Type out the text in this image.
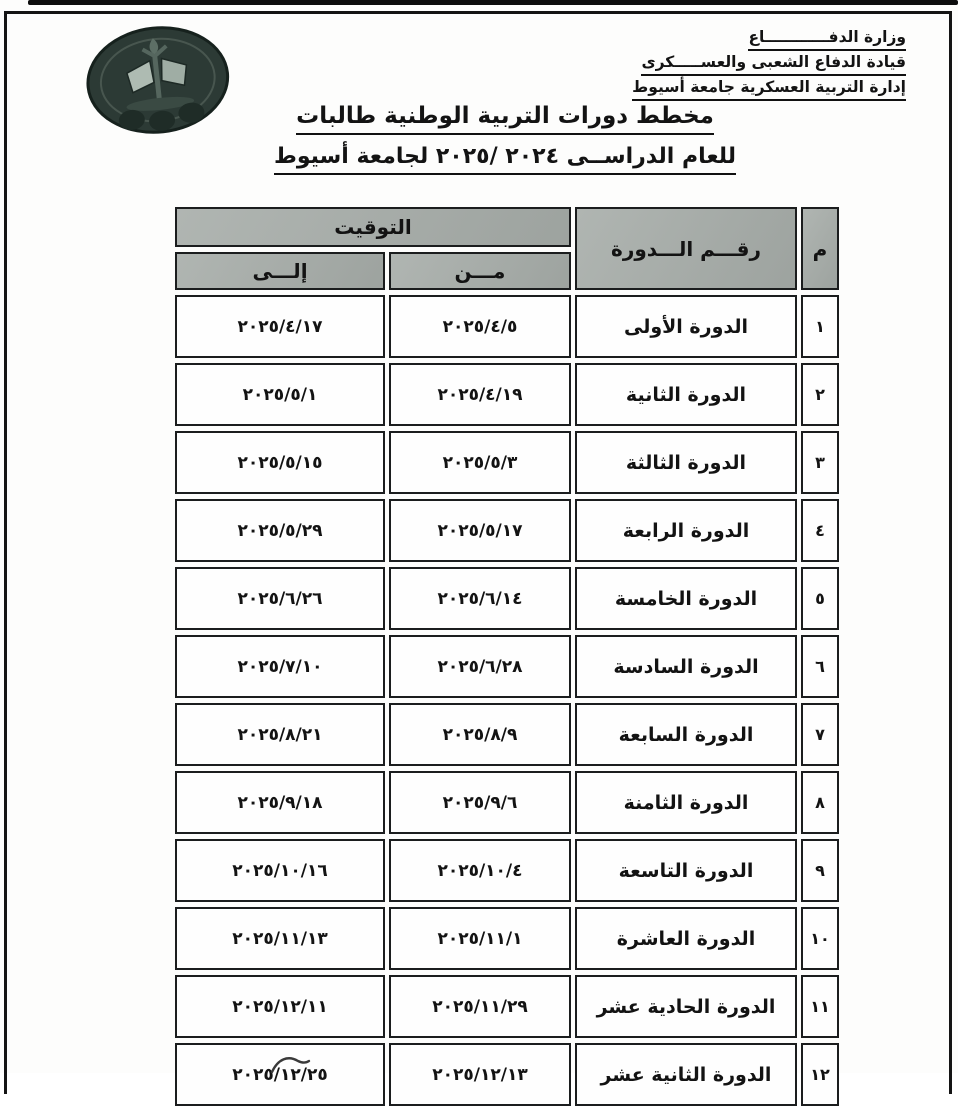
وزارة الدفــــــــــــاع
قيادة الدفاع الشعبى والعســـــكرى
إدارة التربية العسكرية جامعة أسيوط
مخطط دورات التربية الوطنية طالبات
للعام الدراســى ٢٠٢٤ /٢٠٢٥ لجامعة أسيوط
م	رقـــم الـــدورة	التوقيت	
		مـــن	إلـــى
١	الدورة الأولى	٢٠٢٥/٤/٥	٢٠٢٥/٤/١٧
٢	الدورة الثانية	٢٠٢٥/٤/١٩	٢٠٢٥/٥/١
٣	الدورة الثالثة	٢٠٢٥/٥/٣	٢٠٢٥/٥/١٥
٤	الدورة الرابعة	٢٠٢٥/٥/١٧	٢٠٢٥/٥/٢٩
٥	الدورة الخامسة	٢٠٢٥/٦/١٤	٢٠٢٥/٦/٢٦
٦	الدورة السادسة	٢٠٢٥/٦/٢٨	٢٠٢٥/٧/١٠
٧	الدورة السابعة	٢٠٢٥/٨/٩	٢٠٢٥/٨/٢١
٨	الدورة الثامنة	٢٠٢٥/٩/٦	٢٠٢٥/٩/١٨
٩	الدورة التاسعة	٢٠٢٥/١٠/٤	٢٠٢٥/١٠/١٦
١٠	الدورة العاشرة	٢٠٢٥/١١/١	٢٠٢٥/١١/١٣
١١	الدورة الحادية عشر	٢٠٢٥/١١/٢٩	٢٠٢٥/١٢/١١
١٢	الدورة الثانية عشر	٢٠٢٥/١٢/١٣	٢٠٢٥/١٢/٢٥
